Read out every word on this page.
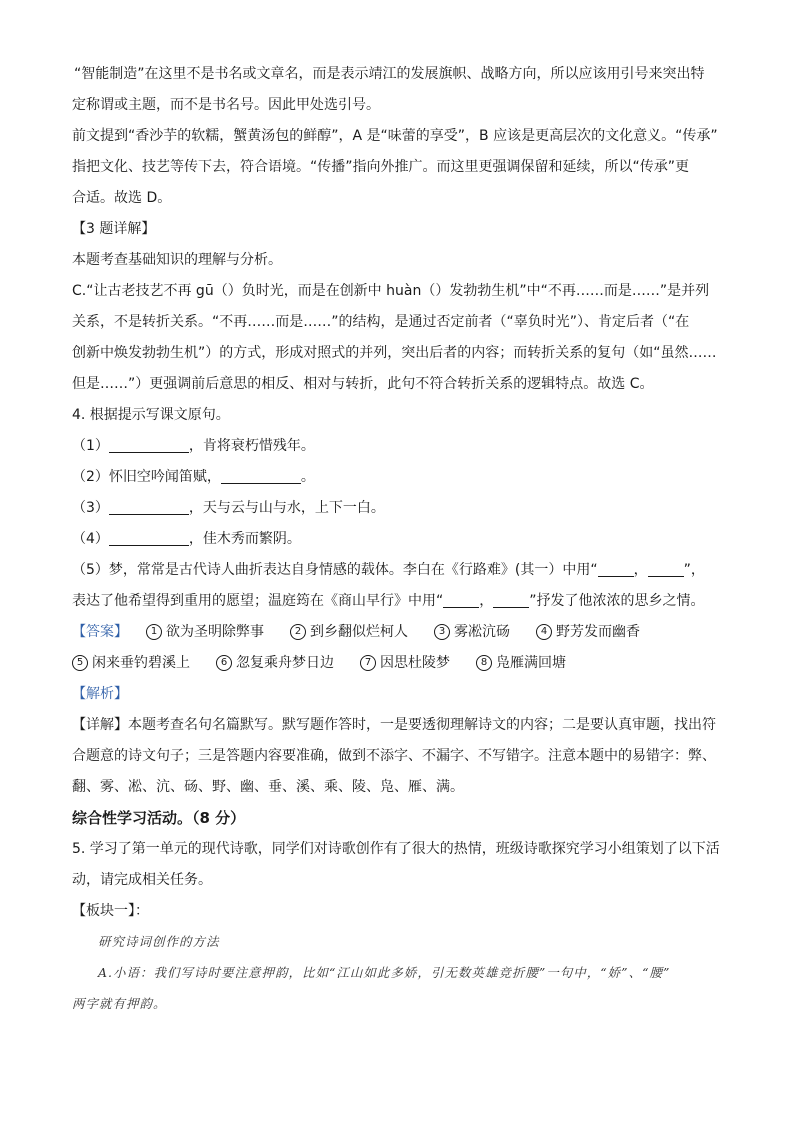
“智能制造”在这里不是书名或文章名，而是表示靖江的发展旗帜、战略方向，所以应该用引号来突出特
定称谓或主题，而不是书名号。因此甲处选引号。
前文提到“香沙芋的软糯，蟹黄汤包的鲜醇”，A 是“味蕾的享受”，B 应该是更高层次的文化意义。“传承”
指把文化、技艺等传下去，符合语境。“传播”指向外推广。而这里更强调保留和延续，所以“传承”更
合适。故选 D。
【3 题详解】
本题考查基础知识的理解与分析。
C.“让古老技艺不再 gū（）负时光，而是在创新中 huàn（）发勃勃生机”中“不再……而是……”是并列
关系，不是转折关系。“不再……而是……”的结构，是通过否定前者（“辜负时光”）、肯定后者（“在
创新中焕发勃勃生机”）的方式，形成对照式的并列，突出后者的内容；而转折关系的复句（如“虽然……
但是……”）更强调前后意思的相反、相对与转折，此句不符合转折关系的逻辑特点。故选 C。
4. 根据提示写课文原句。
（1）	，肯将衰朽惜残年。
（2） 怀旧空吟闻笛赋，	。
（3）	，天与云与山与水，上下一白。
（4）	，佳木秀而繁阴。
（5）梦，常常是古代诗人曲折表达自身情感的载体。李白在《行路难》(其一）中用“	，	”，
表达了他希望得到重用的愿望；温庭筠在《商山早行》中用“	，	”抒发了他浓浓的思乡之情。
【答案】	1 欲为圣明除弊事	2 到乡翻似烂柯人	3 雾凇沆砀	4 野芳发而幽香
5 闲来垂钓碧溪上	6 忽复乘舟梦日边	7 因思杜陵梦	8 凫雁满回塘
【解析】
【详解】本题考查名句名篇默写。默写题作答时，一是要透彻理解诗文的内容；二是要认真审题，找出符
合题意的诗文句子；三是答题内容要准确，做到不添字、不漏字、不写错字。注意本题中的易错字：弊、
翻、雾、凇、沆、砀、野、幽、垂、溪、乘、陵、凫、雁、满。
综合性学习活动。（8 分）
5. 学习了第一单元的现代诗歌，同学们对诗歌创作有了很大的热情，班级诗歌探究学习小组策划了以下活
动，请完成相关任务。
【板块一】：
研究诗词创作的方法
A.小语：我们写诗时要注意押韵，比如“江山如此多娇，引无数英雄竞折腰”一句中，“娇”、“腰”
两字就有押韵。
